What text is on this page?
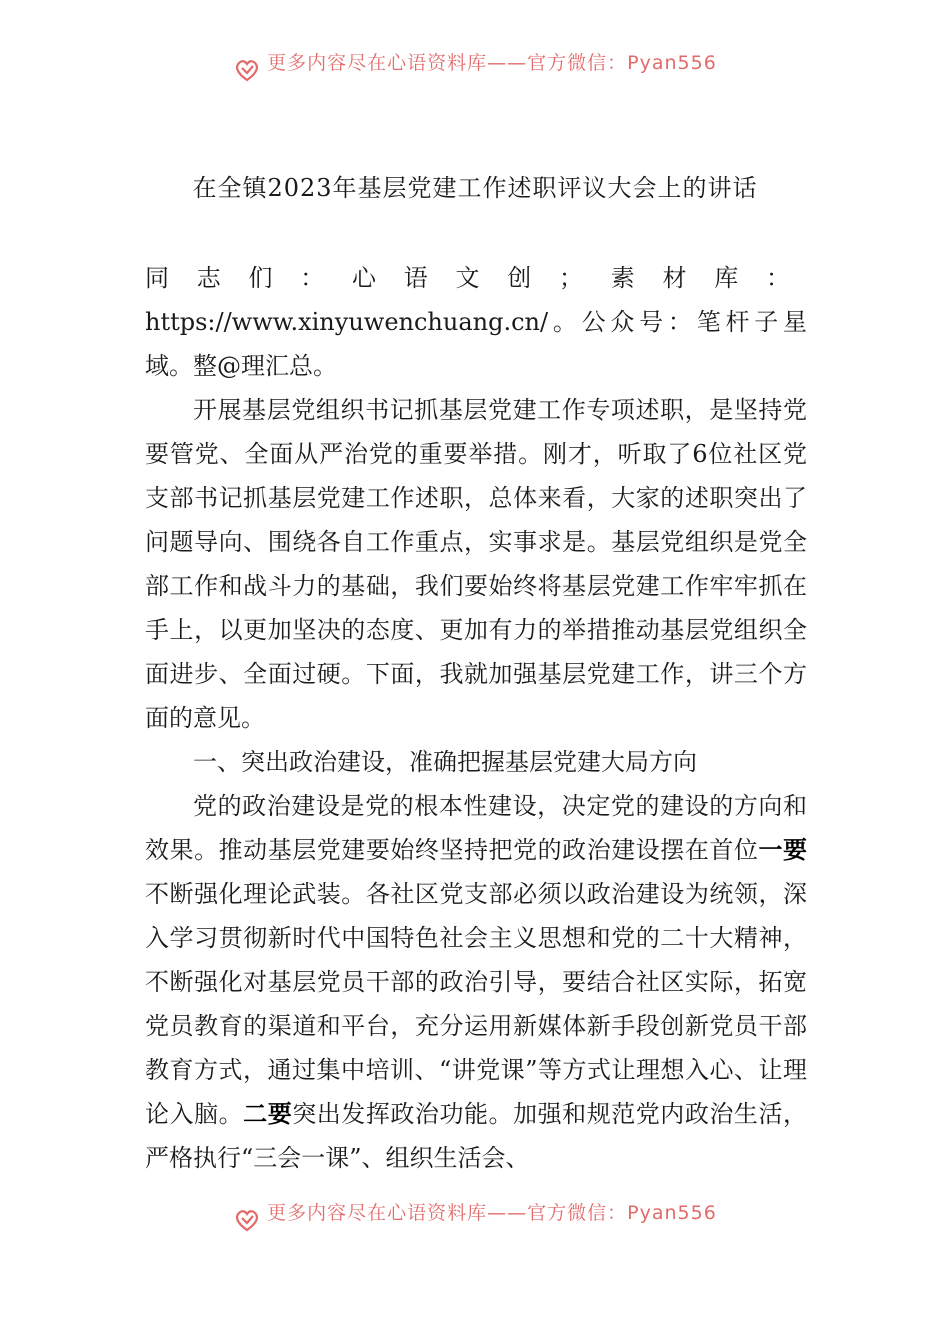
更多内容尽在心语资料库——官方微信：Pyan556
在全镇2023年基层党建工作述职评议大会上的讲话

同志们：心语文创；素材库：https://www.xinyuwenchuang.cn/。公众号：笔杆子星域。整@理汇总。

开展基层党组织书记抓基层党建工作专项述职，是坚持党要管党、全面从严治党的重要举措。刚才，听取了6位社区党支部书记抓基层党建工作述职，总体来看，大家的述职突出了问题导向、围绕各自工作重点，实事求是。基层党组织是党全部工作和战斗力的基础，我们要始终将基层党建工作牢牢抓在手上，以更加坚决的态度、更加有力的举措推动基层党组织全面进步、全面过硬。下面，我就加强基层党建工作，讲三个方面的意见。

一、突出政治建设，准确把握基层党建大局方向

党的政治建设是党的根本性建设，决定党的建设的方向和效果。推动基层党建要始终坚持把党的政治建设摆在首位一要不断强化理论武装。各社区党支部必须以政治建设为统领，深入学习贯彻新时代中国特色社会主义思想和党的二十大精神，不断强化对基层党员干部的政治引导，要结合社区实际，拓宽党员教育的渠道和平台，充分运用新媒体新手段创新党员干部教育方式，通过集中培训、“讲党课”等方式让理想入心、让理论入脑。二要突出发挥政治功能。加强和规范党内政治生活，严格执行“三会一课”、组织生活会、

更多内容尽在心语资料库——官方微信：Pyan556
